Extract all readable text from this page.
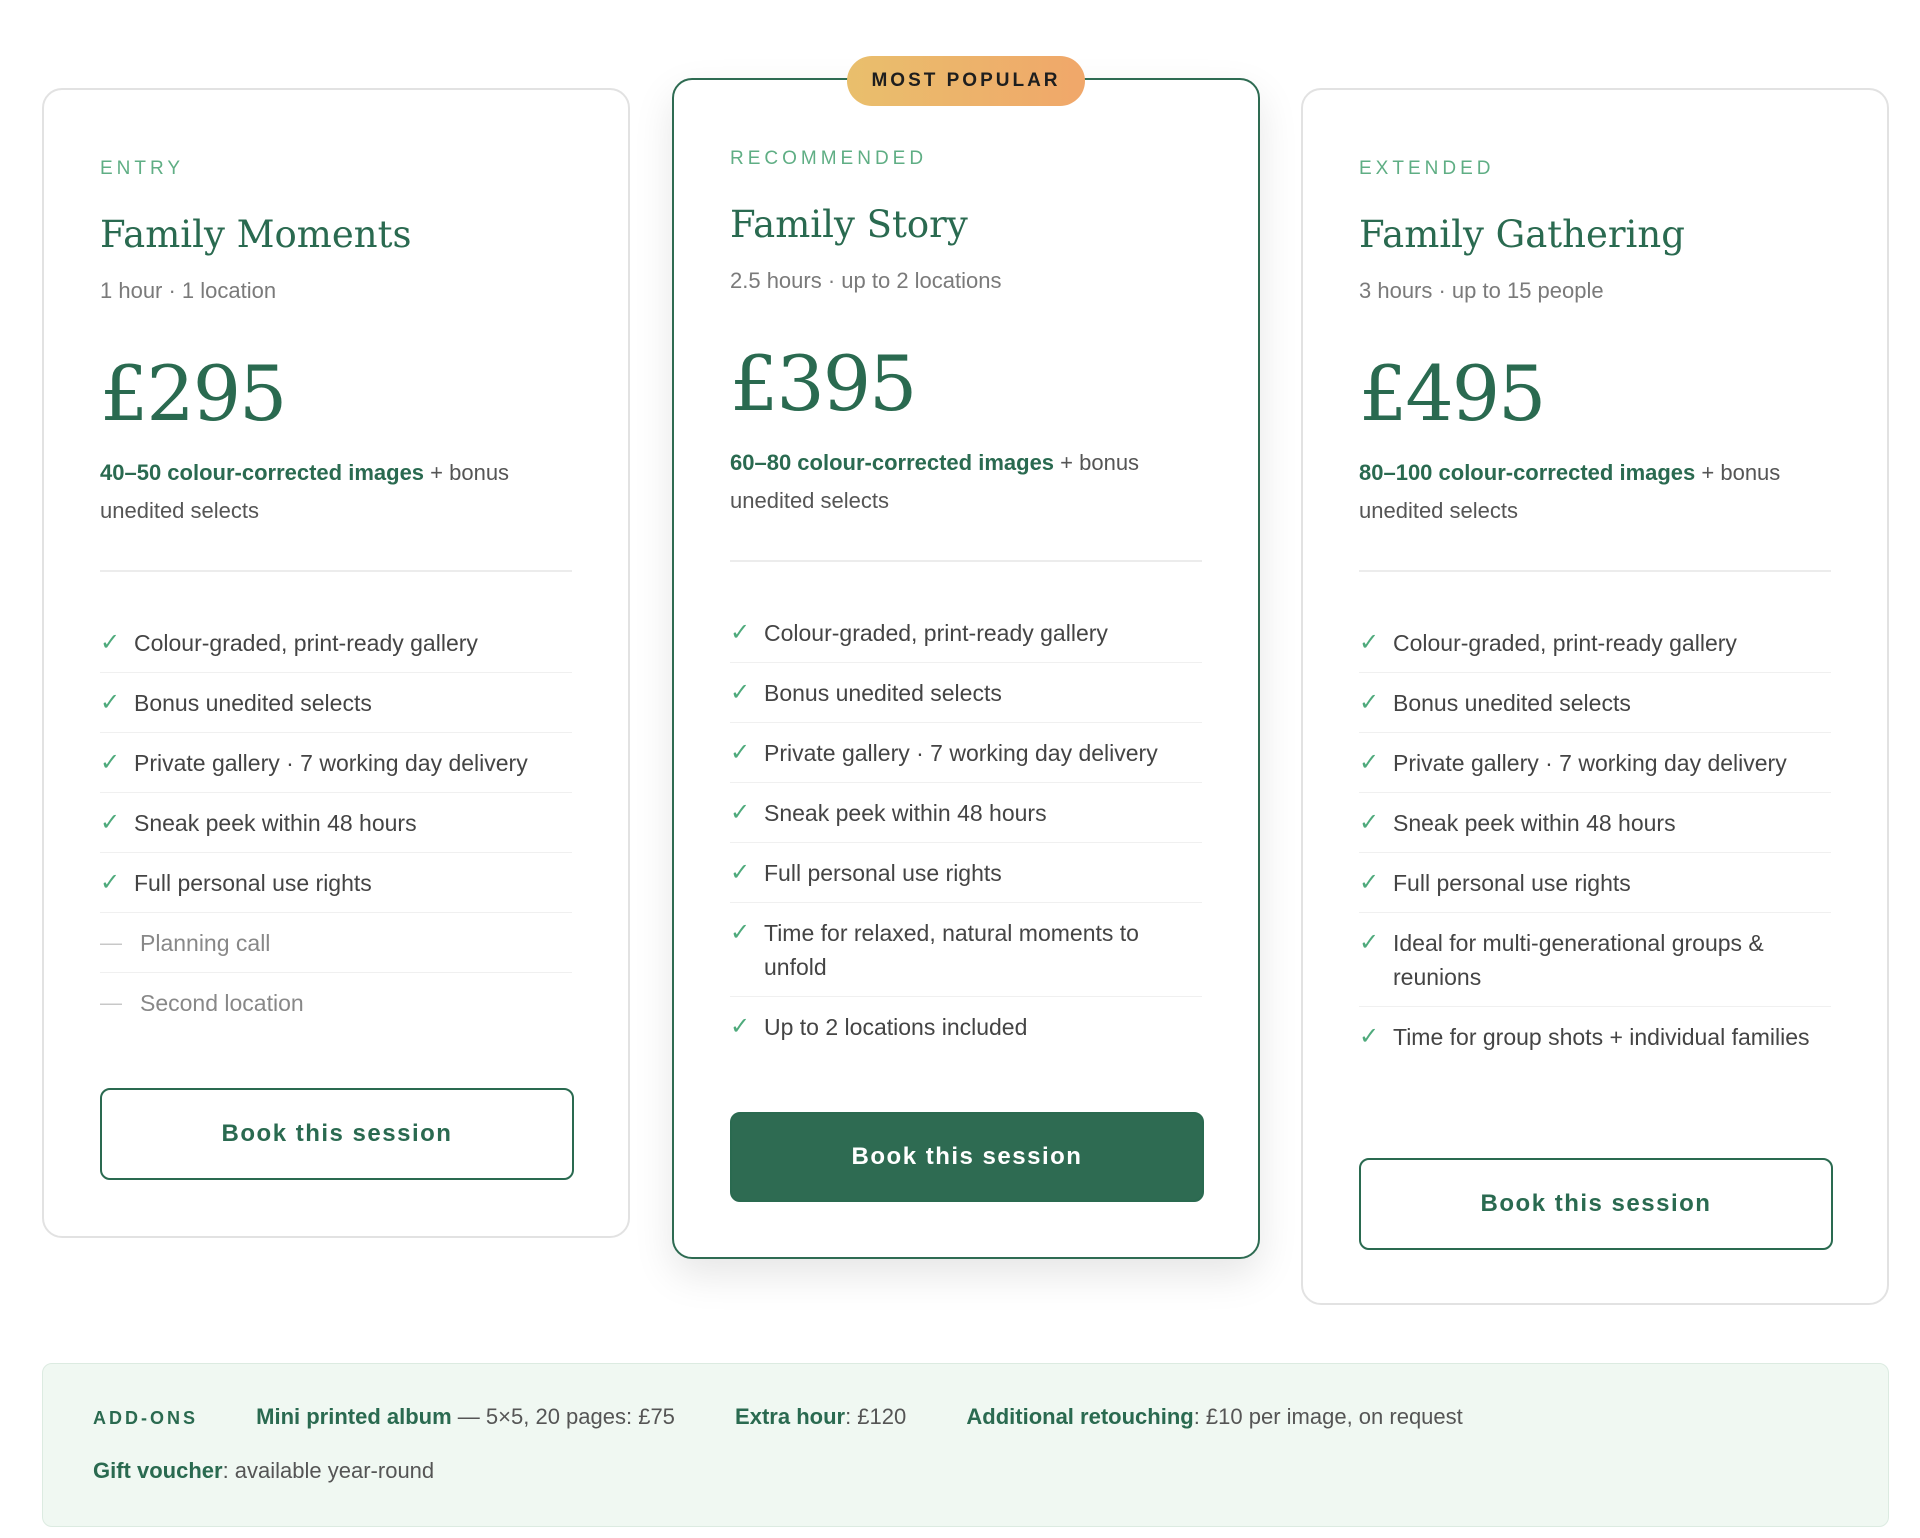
ENTRY
Family Moments
1 hour · 1 location
£295
40–50 colour-corrected images + bonus unedited selects
✓ Colour-graded, print-ready gallery
✓ Bonus unedited selects
✓ Private gallery · 7 working day delivery
✓ Sneak peek within 48 hours
✓ Full personal use rights
— Planning call
— Second location
Book this session
MOST POPULAR
RECOMMENDED
Family Story
2.5 hours · up to 2 locations
£395
60–80 colour-corrected images + bonus unedited selects
✓ Colour-graded, print-ready gallery
✓ Bonus unedited selects
✓ Private gallery · 7 working day delivery
✓ Sneak peek within 48 hours
✓ Full personal use rights
✓ Time for relaxed, natural moments to unfold
✓ Up to 2 locations included
Book this session
EXTENDED
Family Gathering
3 hours · up to 15 people
£495
80–100 colour-corrected images + bonus unedited selects
✓ Colour-graded, print-ready gallery
✓ Bonus unedited selects
✓ Private gallery · 7 working day delivery
✓ Sneak peek within 48 hours
✓ Full personal use rights
✓ Ideal for multi-generational groups & reunions
✓ Time for group shots + individual families
Book this session
ADD-ONS	Mini printed album — 5×5, 20 pages: £75	Extra hour: £120	Additional retouching: £10 per image, on request
Gift voucher: available year-round
